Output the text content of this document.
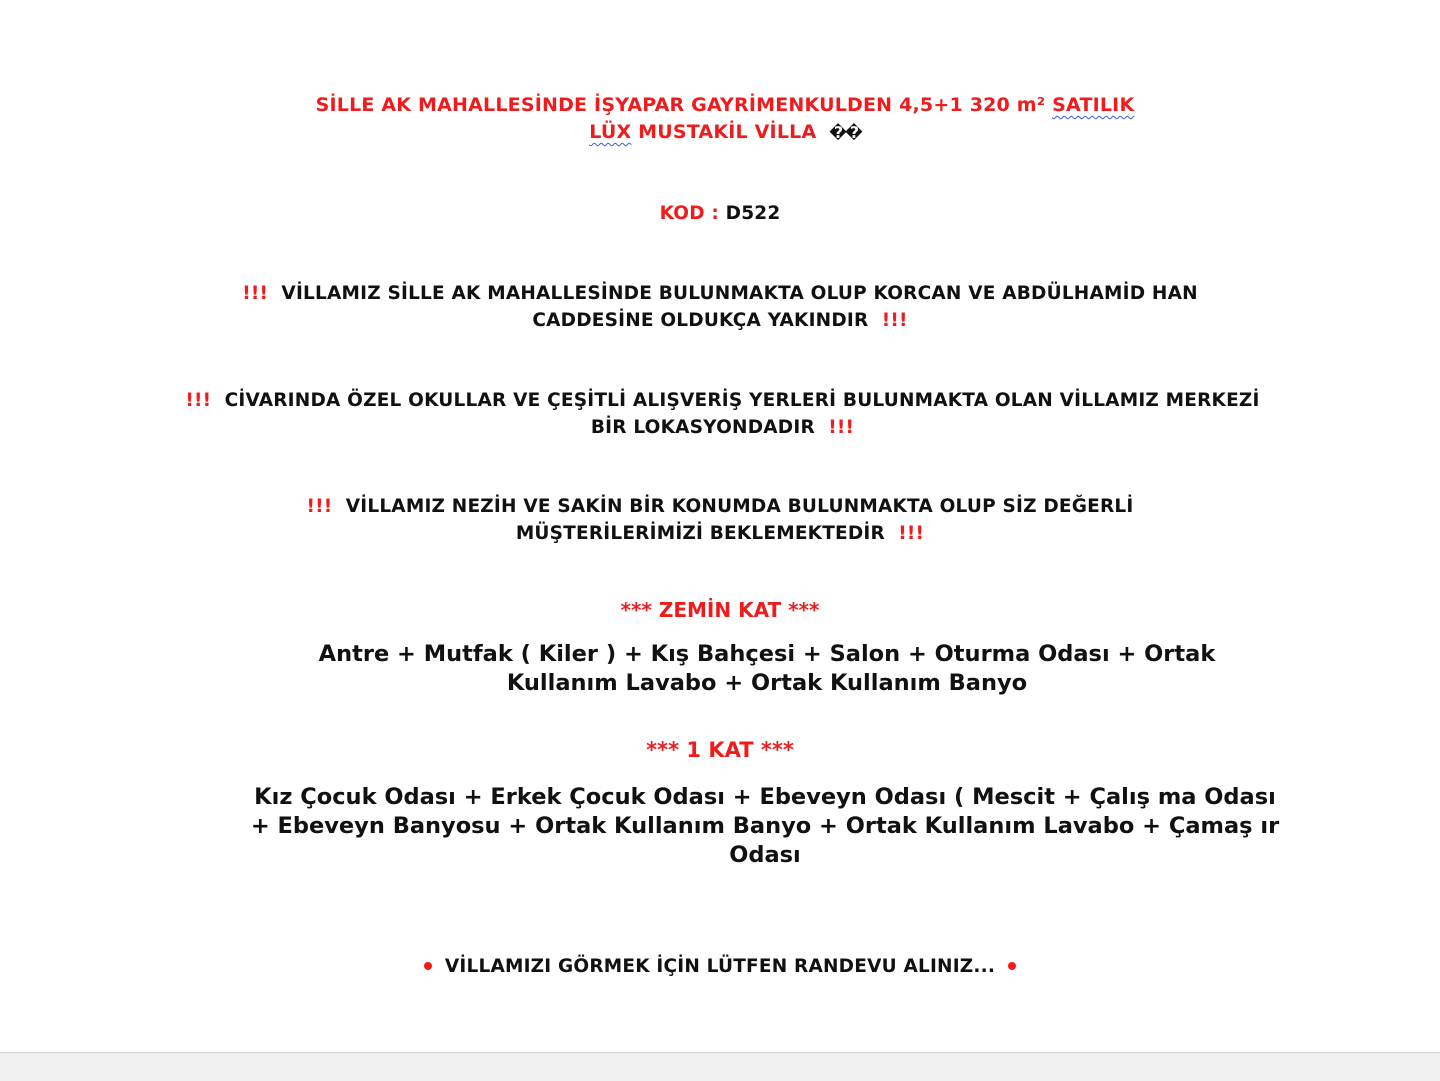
SİLLE AK MAHALLESİNDE İŞYAPAR GAYRİMENKULDEN 4,5+1 320 m² SATILIK
LÜX MUSTAKİL VİLLA ��
KOD : D522
!!! VİLLAMIZ SİLLE AK MAHALLESİNDE BULUNMAKTA OLUP KORCAN VE ABDÜLHAMİD HAN CADDESİNE OLDUKÇA YAKINDIR !!!
!!! CİVARINDA ÖZEL OKULLAR VE ÇEŞİTLİ ALIŞVERİŞ YERLERİ BULUNMAKTA OLAN VİLLAMIZ MERKEZİ BİR LOKASYONDADIR !!!
!!! VİLLAMIZ NEZİH VE SAKİN BİR KONUMDA BULUNMAKTA OLUP SİZ DEĞERLİ MÜŞTERİLERİMİZİ BEKLEMEKTEDİR !!!
*** ZEMİN KAT ***
Antre + Mutfak ( Kiler ) + Kış Bahçesi + Salon + Oturma Odası + Ortak Kullanım Lavabo + Ortak Kullanım Banyo
*** 1 KAT ***
Kız Çocuk Odası + Erkek Çocuk Odası + Ebeveyn Odası ( Mescit + Çalış ma Odası + Ebeveyn Banyosu + Ortak Kullanım Banyo + Ortak Kullanım Lavabo + Çamaş ır Odası
VİLLAMIZI GÖRMEK İÇİN LÜTFEN RANDEVU ALINIZ...
